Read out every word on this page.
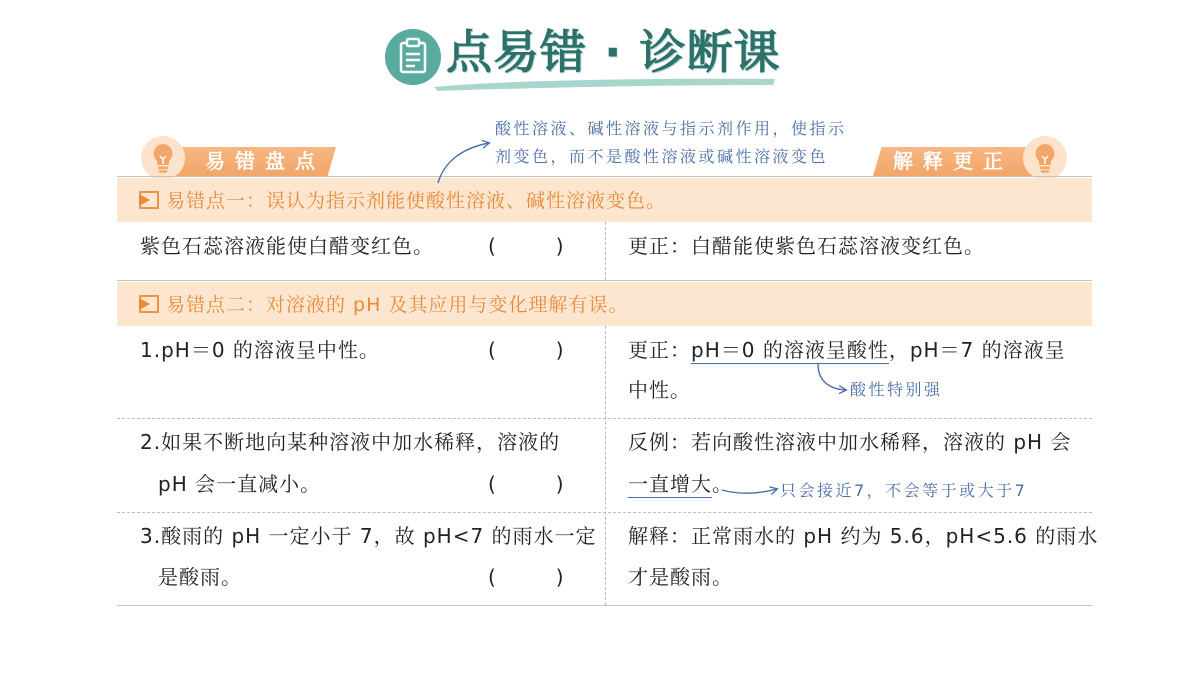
点易错 · 诊断课
易错盘点	解释更正
酸性溶液、碱性溶液与指示剂作用，使指示
剂变色，而不是酸性溶液或碱性溶液变色
易错点一：误认为指示剂能使酸性溶液、碱性溶液变色。
紫色石蕊溶液能使白醋变红色。	(　　　)	更正：白醋能使紫色石蕊溶液变红色。
易错点二：对溶液的 pH 及其应用与变化理解有误。
1.pH＝0 的溶液呈中性。	(　　　)	更正：pH＝0 的溶液呈酸性，pH＝7 的溶液呈
中性。	酸性特别强
2.如果不断地向某种溶液中加水稀释，溶液的
pH 会一直减小。	(　　　)
反例：若向酸性溶液中加水稀释，溶液的 pH 会
一直增大。	只会接近7，不会等于或大于7
3.酸雨的 pH 一定小于 7，故 pH<7 的雨水一定
是酸雨。	(　　　)
解释：正常雨水的 pH 约为 5.6，pH<5.6 的雨水
才是酸雨。
